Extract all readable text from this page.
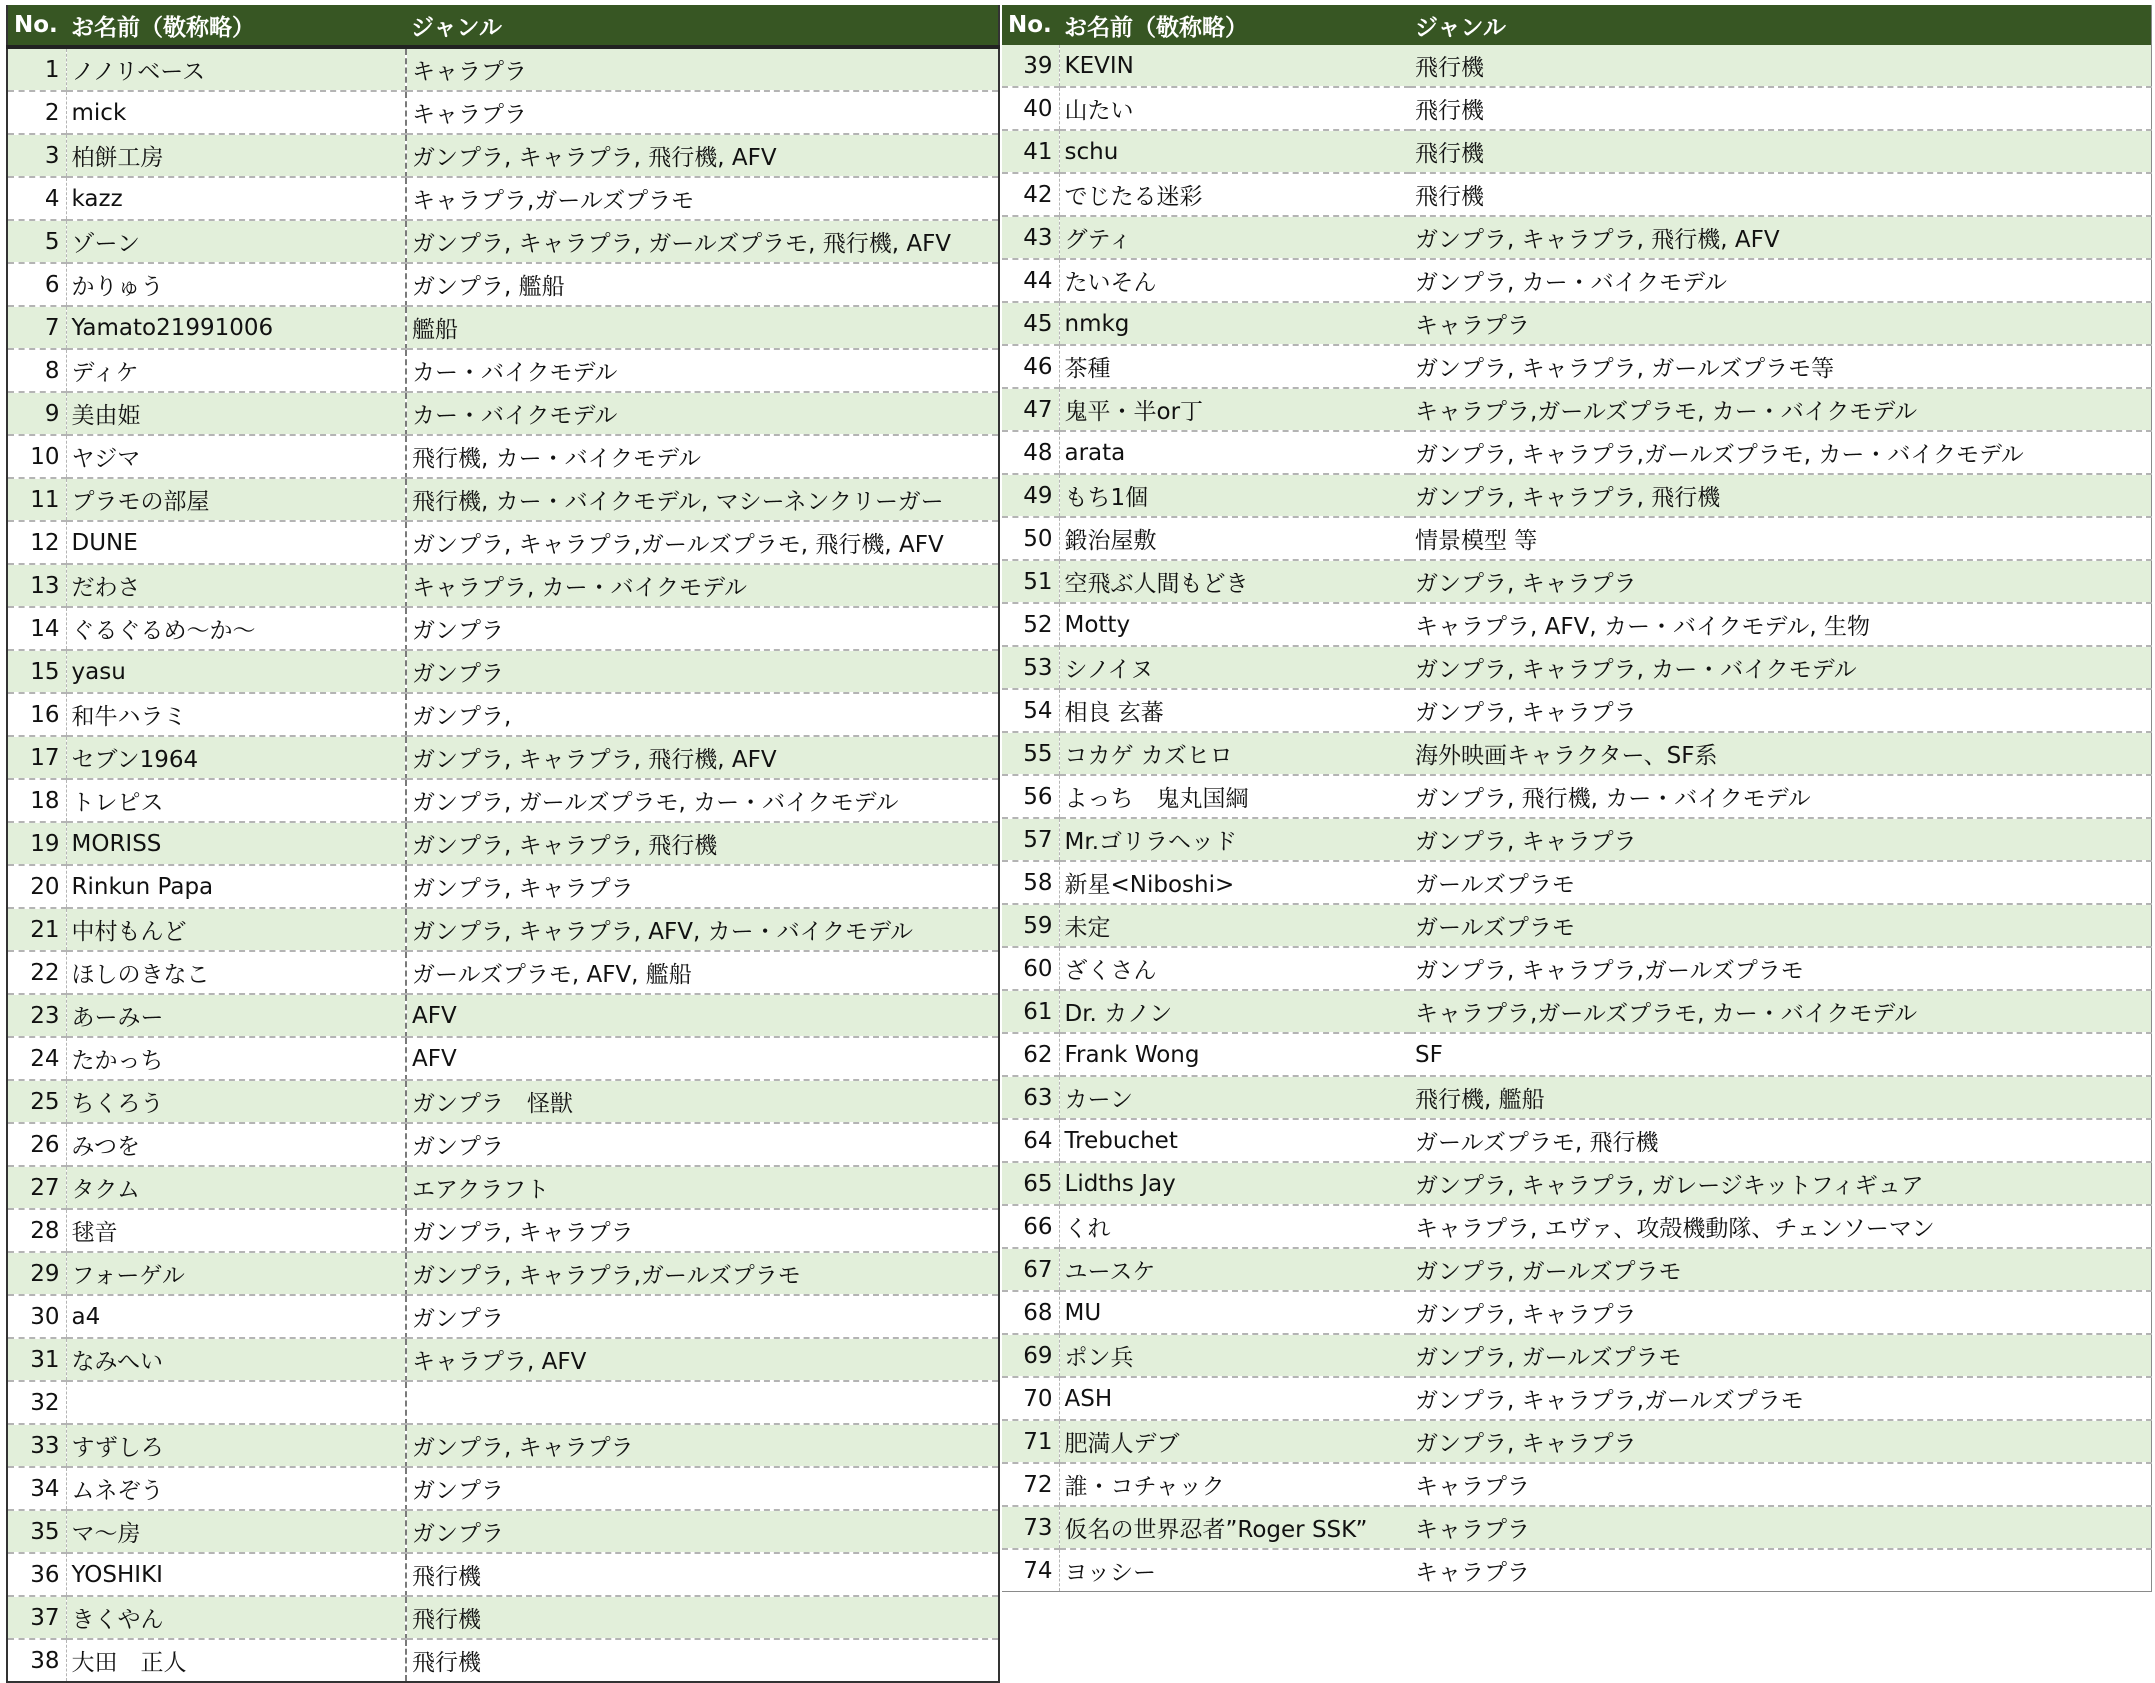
No.	お名前（敬称略）	ジャンル
1	ノノリベース	キャラプラ
2	mick	キャラプラ
3	柏餅工房	ガンプラ, キャラプラ, 飛行機, AFV
4	kazz	キャラプラ,ガールズプラモ
5	ゾーン	ガンプラ, キャラプラ, ガールズプラモ, 飛行機, AFV
6	かりゅう	ガンプラ, 艦船
7	Yamato21991006	艦船
8	ディケ	カー・バイクモデル
9	美由姫	カー・バイクモデル
10	ヤジマ	飛行機, カー・バイクモデル
11	プラモの部屋	飛行機, カー・バイクモデル, マシーネンクリーガー
12	DUNE	ガンプラ, キャラプラ,ガールズプラモ, 飛行機, AFV
13	だわさ	キャラプラ, カー・バイクモデル
14	ぐるぐるめ〜か〜	ガンプラ
15	yasu	ガンプラ
16	和牛ハラミ	ガンプラ,
17	セブン1964	ガンプラ, キャラプラ, 飛行機, AFV
18	トレピス	ガンプラ, ガールズプラモ, カー・バイクモデル
19	MORISS	ガンプラ, キャラプラ, 飛行機
20	Rinkun Papa	ガンプラ, キャラプラ
21	中村もんど	ガンプラ, キャラプラ, AFV, カー・バイクモデル
22	ほしのきなこ	ガールズプラモ, AFV, 艦船
23	あーみー	AFV
24	たかっち	AFV
25	ちくろう	ガンプラ　怪獣
26	みつを	ガンプラ
27	タクム	エアクラフト
28	毬音	ガンプラ, キャラプラ
29	フォーゲル	ガンプラ, キャラプラ,ガールズプラモ
30	a4	ガンプラ
31	なみへい	キャラプラ, AFV
32		
33	すずしろ	ガンプラ, キャラプラ
34	ムネぞう	ガンプラ
35	マ〜房	ガンプラ
36	YOSHIKI	飛行機
37	きくやん	飛行機
38	大田　正人	飛行機
No.	お名前（敬称略）	ジャンル
39	KEVIN	飛行機
40	山たい	飛行機
41	schu	飛行機
42	でじたる迷彩	飛行機
43	グティ	ガンプラ, キャラプラ, 飛行機, AFV
44	たいそん	ガンプラ, カー・バイクモデル
45	nmkg	キャラプラ
46	茶種	ガンプラ, キャラプラ, ガールズプラモ等
47	鬼平・半or丁	キャラプラ,ガールズプラモ, カー・バイクモデル
48	arata	ガンプラ, キャラプラ,ガールズプラモ, カー・バイクモデル
49	もち1個	ガンプラ, キャラプラ, 飛行機
50	鍛治屋敷	情景模型 等
51	空飛ぶ人間もどき	ガンプラ, キャラプラ
52	Motty	キャラプラ, AFV, カー・バイクモデル, 生物
53	シノイヌ	ガンプラ, キャラプラ, カー・バイクモデル
54	相良 玄蕃	ガンプラ, キャラプラ
55	コカゲ カズヒロ	海外映画キャラクター、SF系
56	よっち　鬼丸国綱	ガンプラ, 飛行機, カー・バイクモデル
57	Mr.ゴリラヘッド	ガンプラ, キャラプラ
58	新星<Niboshi>	ガールズプラモ
59	未定	ガールズプラモ
60	ざくさん	ガンプラ, キャラプラ,ガールズプラモ
61	Dr. カノン	キャラプラ,ガールズプラモ, カー・バイクモデル
62	Frank Wong	SF
63	カーン	飛行機, 艦船
64	Trebuchet	ガールズプラモ, 飛行機
65	Lidths Jay	ガンプラ, キャラプラ, ガレージキットフィギュア
66	くれ	キャラプラ, エヴァ、攻殻機動隊、チェンソーマン
67	ユースケ	ガンプラ, ガールズプラモ
68	MU	ガンプラ, キャラプラ
69	ポン兵	ガンプラ, ガールズプラモ
70	ASH	ガンプラ, キャラプラ,ガールズプラモ
71	肥満人デブ	ガンプラ, キャラプラ
72	誰・コチャック	キャラプラ
73	仮名の世界忍者”Roger SSK”	キャラプラ
74	ヨッシー	キャラプラ
